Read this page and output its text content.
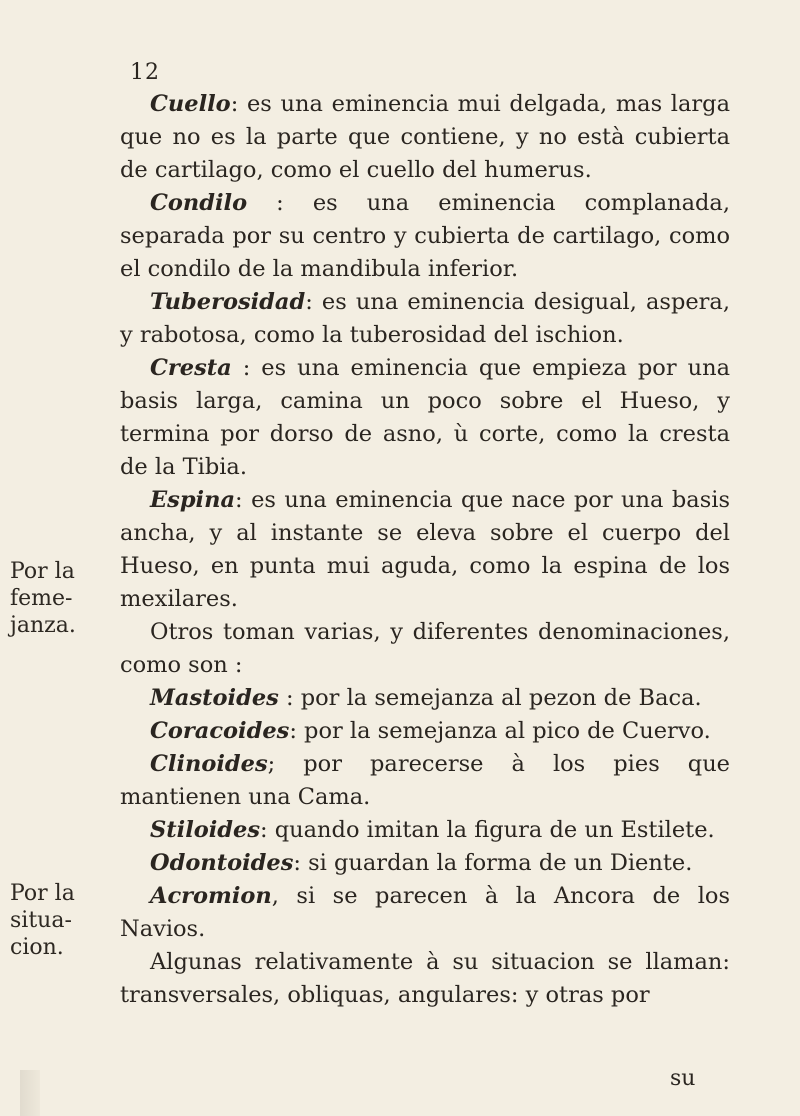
12
Por la feme-janza.
Por la situa-cion.

Cuello: es una eminencia mui delgada, mas larga que no es la parte que contiene, y no està cubierta de cartilago, como el cuello del humerus.

Condilo : es una eminencia complanada, separada por su centro y cubierta de cartilago, como el condilo de la mandibula inferior.

Tuberosidad: es una eminencia desigual, aspera, y rabotosa, como la tuberosidad del ischion.

Cresta : es una eminencia que empieza por una basis larga, camina un poco sobre el Hueso, y termina por dorso de asno, ù corte, como la cresta de la Tibia.

Espina: es una eminencia que nace por una basis ancha, y al instante se eleva sobre el cuerpo del Hueso, en punta mui aguda, como la espina de los mexilares.

Otros toman varias, y diferentes denominaciones, como son :

Mastoides : por la semejanza al pezon de Baca.

Coracoides: por la semejanza al pico de Cuervo.

Clinoides; por parecerse à los pies que mantienen una Cama.

Stiloides: quando imitan la figura de un Estilete.

Odontoides: si guardan la forma de un Diente.

Acromion, si se parecen à la Ancora de los Navios.

Algunas relativamente à su situacion se llaman: transversales, obliquas, angulares: y otras por

su
